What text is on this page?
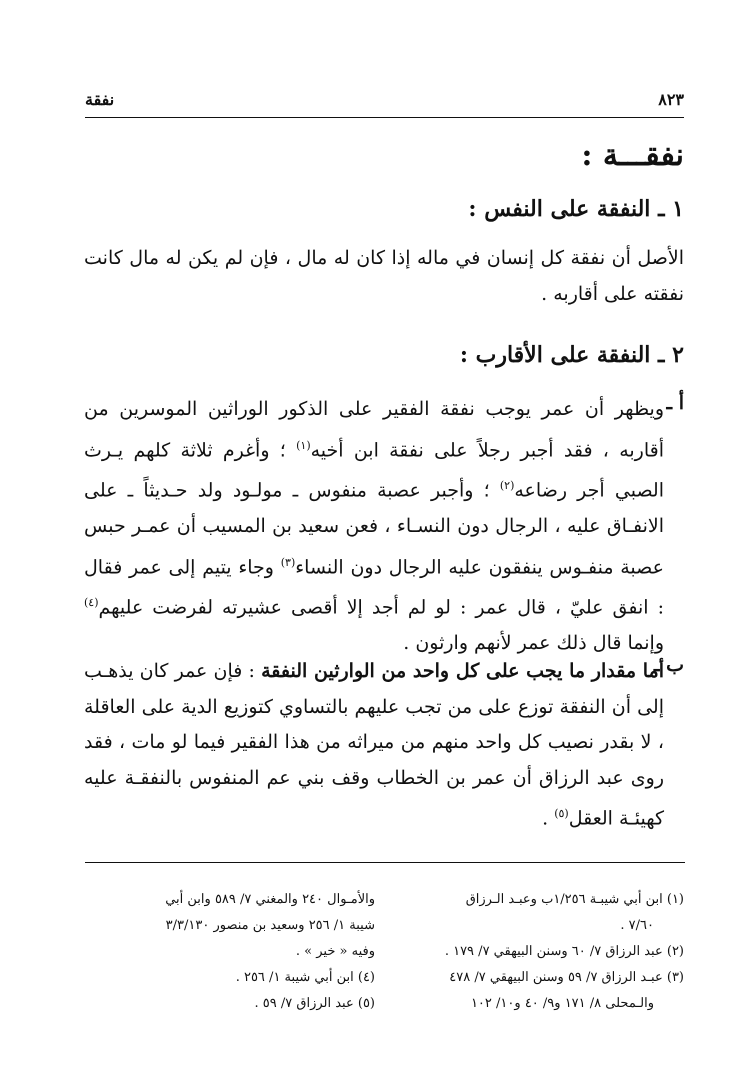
٨٢٣
نفقة
نفقـــة :
١ ـ النفقة على النفس :

الأصل أن نفقة كل إنسان في ماله إذا كان له مال ، فإن لم يكن له مال كانت نفقته على أقاربه .

٢ ـ النفقة على الأقارب :
أ ـ
ويظهر أن عمر يوجب نفقة الفقير على الذكور الوراثين الموسرين من أقاربه ، فقد أجبر رجلاً على نفقة ابن أخيه$^{(١)}$ ؛ وأغرم ثلاثة كلهم يـرث الصبي أجر رضاعه$^{(٢)}$ ؛ وأجبر عصبة منفوس ـ مولـود ولد حـديثاً ـ على الانفـاق عليه ، الرجال دون النسـاء ، فعن سعيد بن المسيب أن عمـر حبس عصبة منفـوس ينفقون عليه الرجال دون النساء$^{(٣)}$ وجاء يتيم إلى عمر فقال : انفق عليّ ، قال عمر : لو لم أجد إلا أقصى عشيرته لفرضت عليهم$^{(٤)}$ وإنما قال ذلك عمر لأنهم وارثون .
ب ـ
أما مقدار ما يجب على كل واحد من الوارثين النفقة : فإن عمر كان يذهـب إلى أن النفقة توزع على من تجب عليهم بالتساوي كتوزيع الدية على العاقلة ، لا بقدر نصيب كل واحد منهم من ميراثه من هذا الفقير فيما لو مات ، فقد روى عبد الرزاق أن عمر بن الخطاب وقف بني عم المنفوس بالنفقـة عليه كهيئـة العقل$^{(٥)}$ .
(١) ابن أبي شيبـة ١/٢٥٦ب وعبـد الـرزاق
٧/٦٠ .
(٢) عبد الرزاق ٧/ ٦٠ وسنن البيهقي ٧/ ١٧٩ .
(٣) عبـد الرزاق ٧/ ٥٩ وسنن البيهقي ٧/ ٤٧٨
والـمحلى ٨/ ١٧١ و٩/ ٤٠ و١٠/ ١٠٢
والأمـوال ٢٤٠ والمغني ٧/ ٥٨٩ وابن أبي
شيبة ١/ ٢٥٦ وسعيد بن منصور ٣/٣/١٣٠
وفيه « خير » .
(٤) ابن أبي شيبة ١/ ٢٥٦ .
(٥) عبد الرزاق ٧/ ٥٩ .
